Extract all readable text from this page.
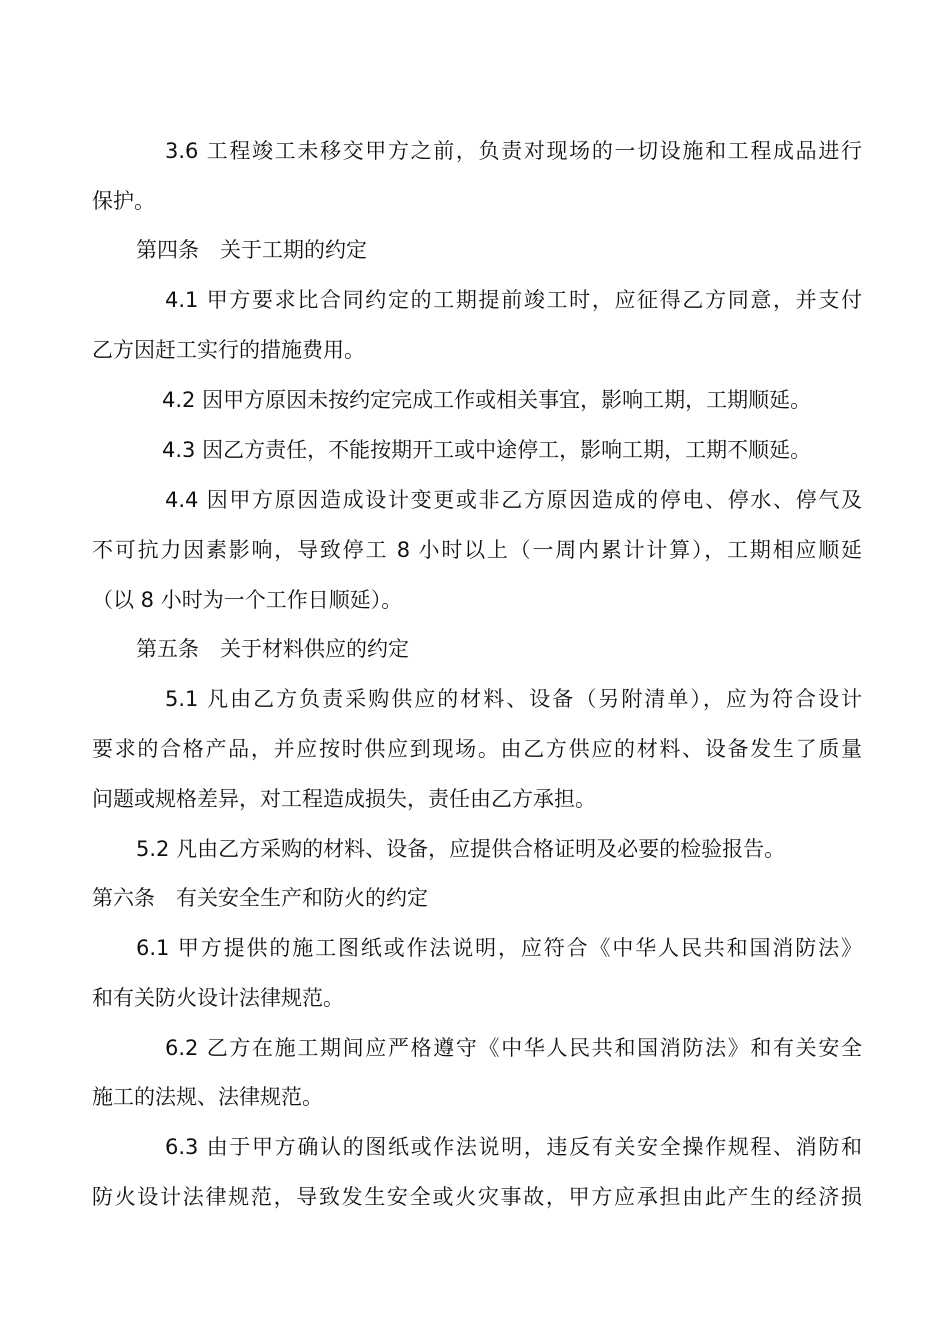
3.6 工程竣工未移交甲方之前，负责对现场的一切设施和工程成品进行
保护。
第四条　关于工期的约定
4.1 甲方要求比合同约定的工期提前竣工时，应征得乙方同意，并支付
乙方因赶工实行的措施费用。
4.2 因甲方原因未按约定完成工作或相关事宜，影响工期，工期顺延。
4.3 因乙方责任，不能按期开工或中途停工，影响工期，工期不顺延。
4.4 因甲方原因造成设计变更或非乙方原因造成的停电、停水、停气及
不可抗力因素影响，导致停工 8 小时以上（一周内累计计算），工期相应顺延
（以 8 小时为一个工作日顺延）。
第五条　关于材料供应的约定
5.1 凡由乙方负责采购供应的材料、设备（另附清单），应为符合设计
要求的合格产品，并应按时供应到现场。由乙方供应的材料、设备发生了质量
问题或规格差异，对工程造成损失，责任由乙方承担。
5.2 凡由乙方采购的材料、设备，应提供合格证明及必要的检验报告。
第六条　有关安全生产和防火的约定
6.1 甲方提供的施工图纸或作法说明，应符合《中华人民共和国消防法》
和有关防火设计法律规范。
6.2 乙方在施工期间应严格遵守《中华人民共和国消防法》和有关安全
施工的法规、法律规范。
6.3 由于甲方确认的图纸或作法说明，违反有关安全操作规程、消防和
防火设计法律规范，导致发生安全或火灾事故，甲方应承担由此产生的经济损
